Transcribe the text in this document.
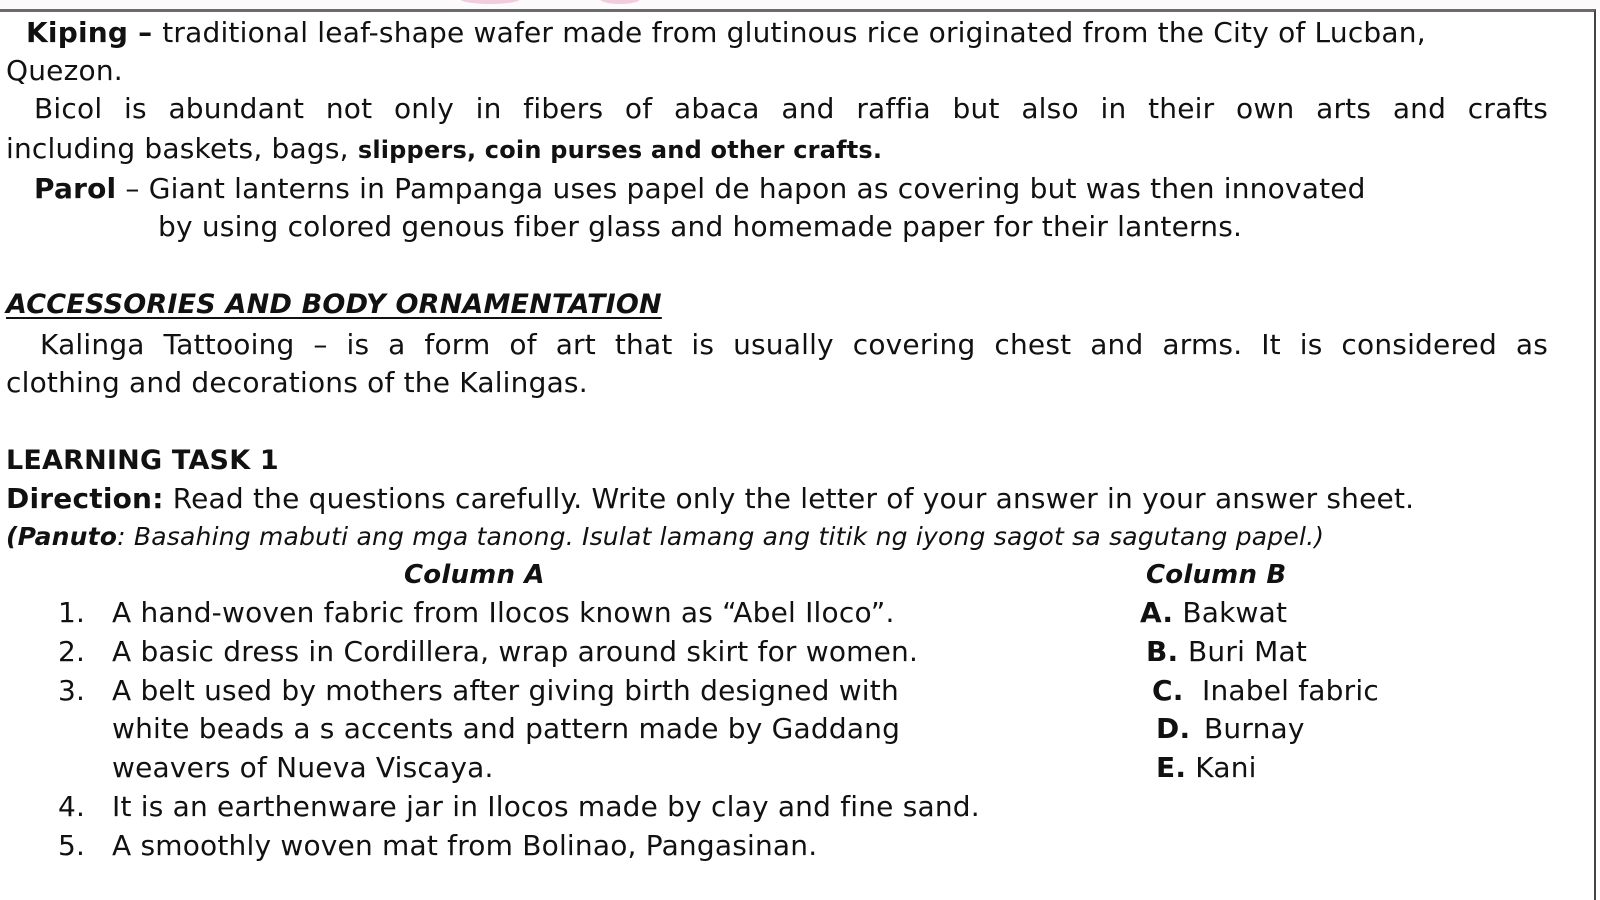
Kiping – traditional leaf-shape wafer made from glutinous rice originated from the City of Lucban,
Quezon.
Bicol is abundant not only in fibers of abaca and raffia but also in their own arts and crafts
including baskets, bags, slippers, coin purses and other crafts.
Parol – Giant lanterns in Pampanga uses papel de hapon as covering but was then innovated
by using colored genous fiber glass and homemade paper for their lanterns.
ACCESSORIES AND BODY ORNAMENTATION
Kalinga Tattooing – is a form of art that is usually covering chest and arms. It is considered as
clothing and decorations of the Kalingas.
LEARNING TASK 1
Direction: Read the questions carefully. Write only the letter of your answer in your answer sheet.
(Panuto: Basahing mabuti ang mga tanong. Isulat lamang ang titik ng iyong sagot sa sagutang papel.)
Column A	Column B
1. A hand-woven fabric from Ilocos known as “Abel Iloco”.
2. A basic dress in Cordillera, wrap around skirt for women.
3. A belt used by mothers after giving birth designed with
white beads a s accents and pattern made by Gaddang
weavers of Nueva Viscaya.
4. It is an earthenware jar in Ilocos made by clay and fine sand.
5. A smoothly woven mat from Bolinao, Pangasinan.
A. Bakwat
B. Buri Mat
C. Inabel fabric
D. Burnay
E. Kani
